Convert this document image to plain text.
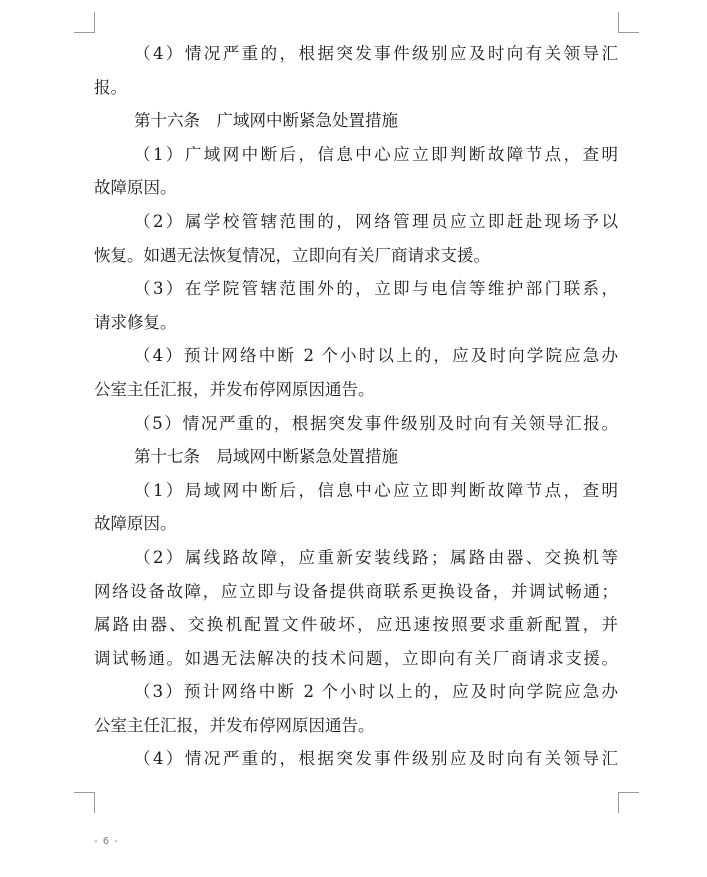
（4）情况严重的，根据突发事件级别应及时向有关领导汇
报。
第十六条　广域网中断紧急处置措施
（1）广域网中断后，信息中心应立即判断故障节点，查明
故障原因。
（2）属学校管辖范围的，网络管理员应立即赶赴现场予以
恢复。如遇无法恢复情况，立即向有关厂商请求支援。
（3）在学院管辖范围外的，立即与电信等维护部门联系，
请求修复。
（4）预计网络中断 2 个小时以上的，应及时向学院应急办
公室主任汇报，并发布停网原因通告。
（5）情况严重的，根据突发事件级别及时向有关领导汇报。
第十七条　局域网中断紧急处置措施
（1）局域网中断后，信息中心应立即判断故障节点，查明
故障原因。
（2）属线路故障，应重新安装线路；属路由器、交换机等
网络设备故障，应立即与设备提供商联系更换设备，并调试畅通；
属路由器、交换机配置文件破坏，应迅速按照要求重新配置，并
调试畅通。如遇无法解决的技术问题，立即向有关厂商请求支援。
（3）预计网络中断 2 个小时以上的，应及时向学院应急办
公室主任汇报，并发布停网原因通告。
（4）情况严重的，根据突发事件级别应及时向有关领导汇
- 6 -
